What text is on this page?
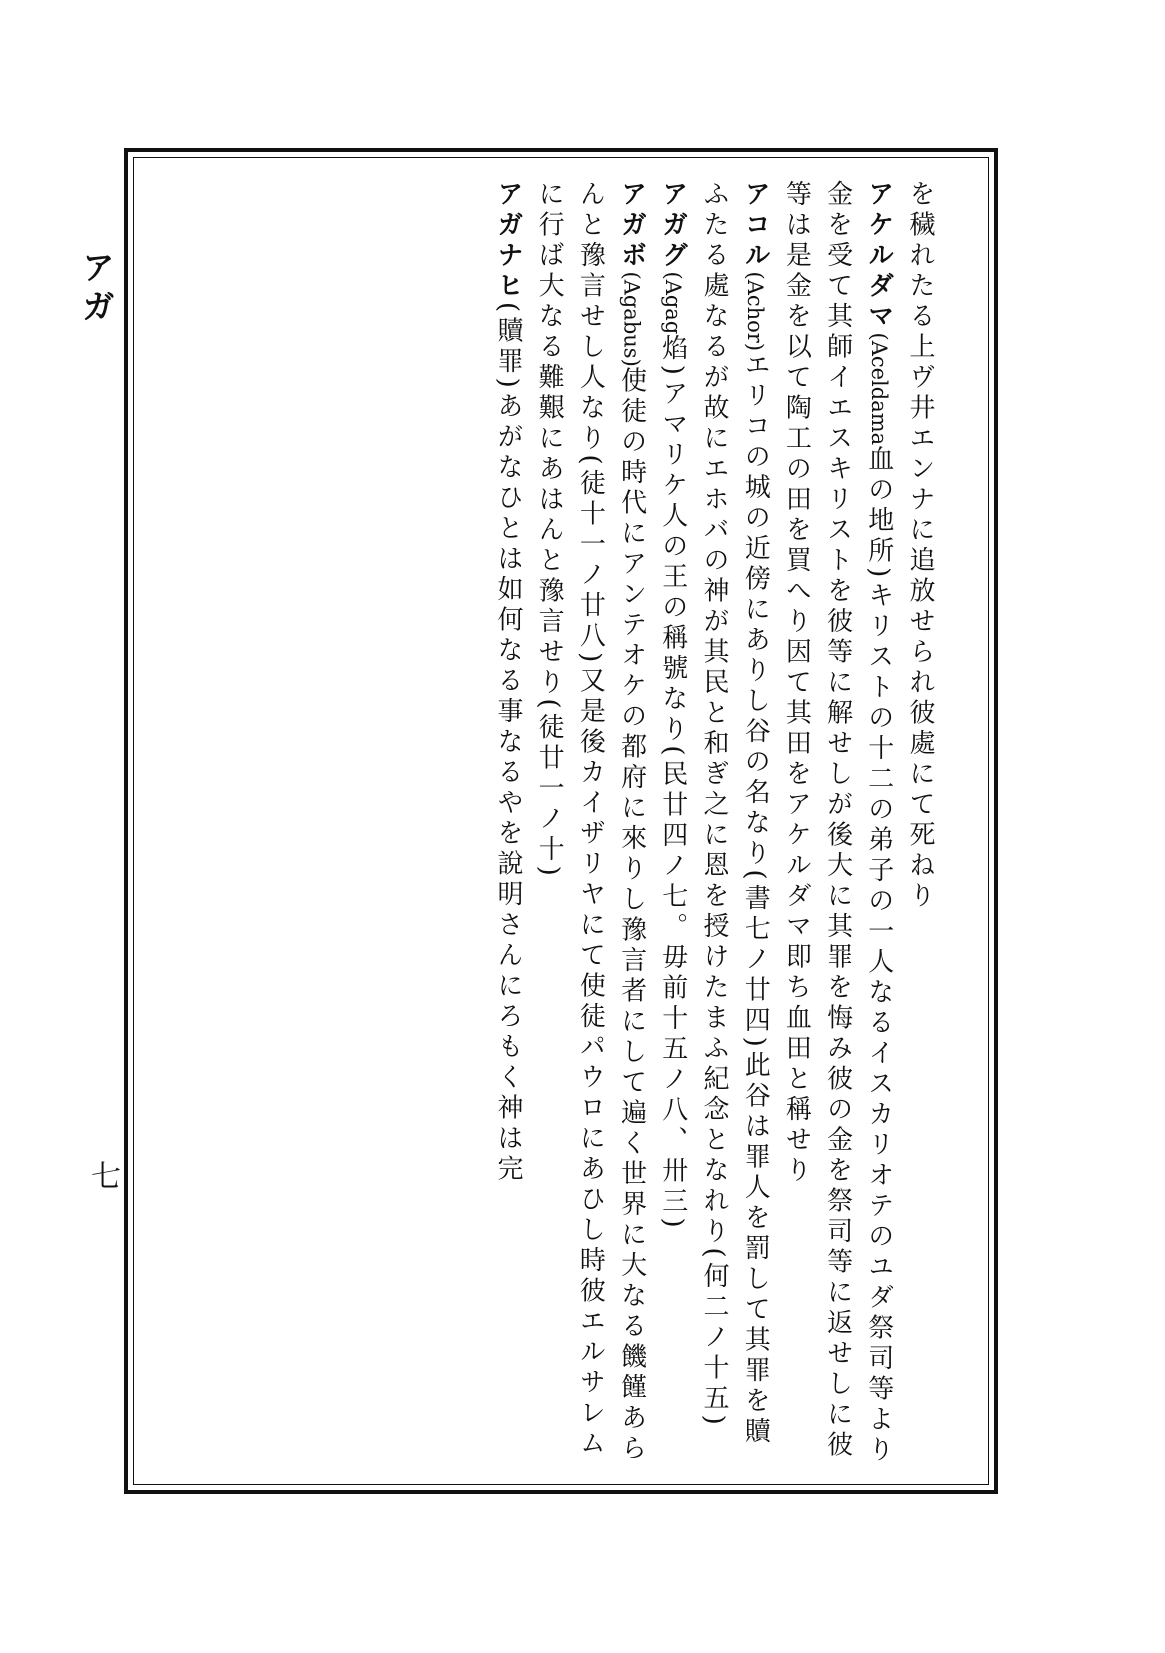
を穢れたる上ヴ井エンナに追放せられ彼處にて死ねり

アケルダマ(Aceldama血の地所)キリストの十二の弟子の一人なるイスカリオテのユダ祭司等より金を受て其師イエスキリストを彼等に解せしが後大に其罪を悔み彼の金を祭司等に返せしに彼等は是金を以て陶工の田を買へり因て其田をアケルダマ即ち血田と稱せり

アコル(Achor)エリコの城の近傍にありし谷の名なり(書七ノ廿四)此谷は罪人を罰して其罪を贖ふたる處なるが故にエホバの神が其民と和ぎ之に恩を授けたまふ紀念となれり(何二ノ十五)

アガグ(Agag焰)アマリケ人の王の稱號なり(民廿四ノ七。毋前十五ノ八、卅三)

アガボ(Agabus)使徒の時代にアンテオケの都府に來りし豫言者にして遍く世界に大なる饑饉あらんと豫言せし人なり(徒十一ノ廿八)又是後カイザリヤにて使徒パウロにあひし時彼エルサレムに行ば大なる難艱にあはんと豫言せり(徒廿一ノ十)

アガナヒ(贖罪)あがなひとは如何なる事なるやを說明さんにろもく神は完

アガ
七
